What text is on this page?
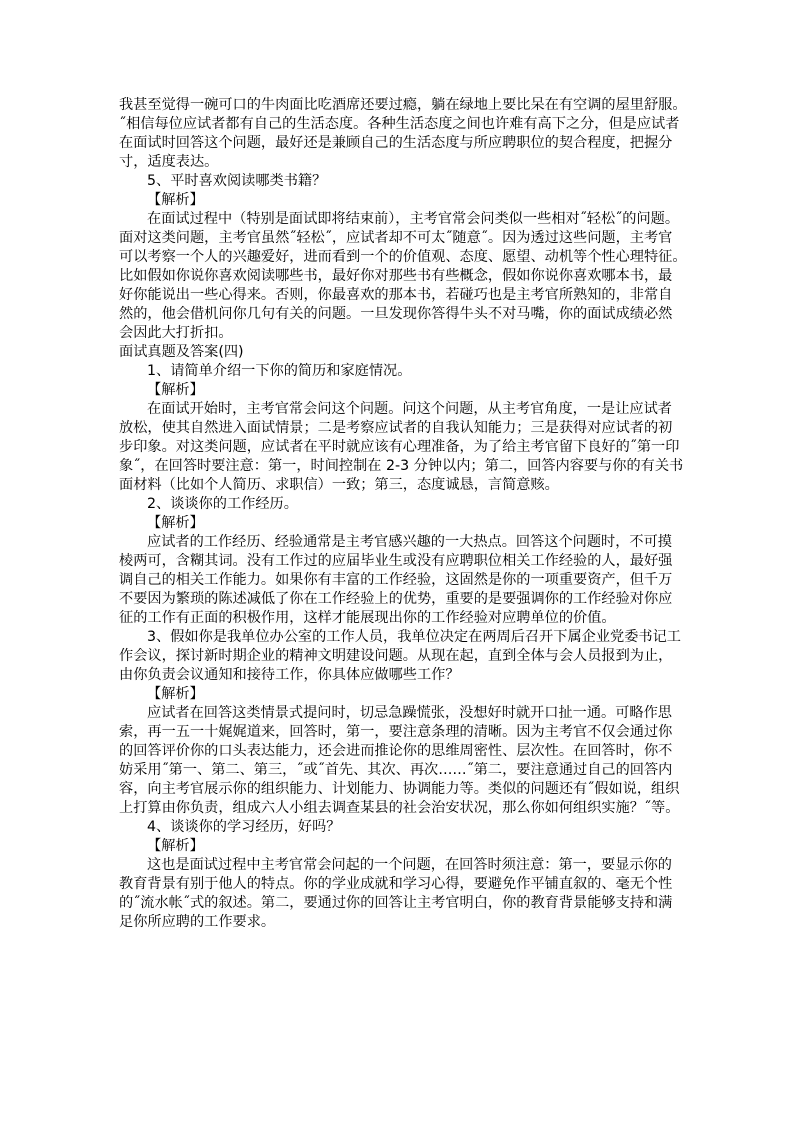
我甚至觉得一碗可口的牛肉面比吃酒席还要过瘾，躺在绿地上要比呆在有空调的屋里舒服。
˝相信每位应试者都有自己的生活态度。各种生活态度之间也许难有高下之分，但是应试者
在面试时回答这个问题，最好还是兼顾自己的生活态度与所应聘职位的契合程度，把握分
寸，适度表达。
5、平时喜欢阅读哪类书籍？
【解析】
在面试过程中（特别是面试即将结束前），主考官常会问类似一些相对˝轻松˝的问题。
面对这类问题，主考官虽然˝轻松˝，应试者却不可太˝随意˝。因为透过这些问题，主考官
可以考察一个人的兴趣爱好，进而看到一个的价值观、态度、愿望、动机等个性心理特征。
比如假如你说你喜欢阅读哪些书，最好你对那些书有些概念，假如你说你喜欢哪本书，最
好你能说出一些心得来。否则，你最喜欢的那本书，若碰巧也是主考官所熟知的，非常自
然的，他会借机问你几句有关的问题。一旦发现你答得牛头不对马嘴，你的面试成绩必然
会因此大打折扣。
面试真题及答案(四)
1、请简单介绍一下你的简历和家庭情况。
【解析】
在面试开始时，主考官常会问这个问题。问这个问题，从主考官角度，一是让应试者
放松，使其自然进入面试情景；二是考察应试者的自我认知能力；三是获得对应试者的初
步印象。对这类问题，应试者在平时就应该有心理准备，为了给主考官留下良好的˝第一印
象˝，在回答时要注意：第一，时间控制在 2-3 分钟以内；第二，回答内容要与你的有关书
面材料（比如个人简历、求职信）一致；第三，态度诚恳，言简意赅。
2、谈谈你的工作经历。
【解析】
应试者的工作经历、经验通常是主考官感兴趣的一大热点。回答这个问题时，不可摸
棱两可，含糊其词。没有工作过的应届毕业生或没有应聘职位相关工作经验的人，最好强
调自己的相关工作能力。如果你有丰富的工作经验，这固然是你的一项重要资产，但千万
不要因为繁琐的陈述减低了你在工作经验上的优势，重要的是要强调你的工作经验对你应
征的工作有正面的积极作用，这样才能展现出你的工作经验对应聘单位的价值。
3、假如你是我单位办公室的工作人员，我单位决定在两周后召开下属企业党委书记工
作会议，探讨新时期企业的精神文明建设问题。从现在起，直到全体与会人员报到为止，
由你负责会议通知和接待工作，你具体应做哪些工作？
【解析】
应试者在回答这类情景式提问时，切忌急躁慌张，没想好时就开口扯一通。可略作思
索，再一五一十娓娓道来，回答时，第一，要注意条理的清晰。因为主考官不仅会通过你
的回答评价你的口头表达能力，还会进而推论你的思维周密性、层次性。在回答时，你不
妨采用˝第一、第二、第三，˝或˝首先、其次、再次……˝第二，要注意通过自己的回答内
容，向主考官展示你的组织能力、计划能力、协调能力等。类似的问题还有˝假如说，组织
上打算由你负责，组成六人小组去调查某县的社会治安状况，那么你如何组织实施？˝等。
4、谈谈你的学习经历，好吗？
【解析】
这也是面试过程中主考官常会问起的一个问题，在回答时须注意：第一，要显示你的
教育背景有别于他人的特点。你的学业成就和学习心得，要避免作平铺直叙的、毫无个性
的˝流水帐˝式的叙述。第二，要通过你的回答让主考官明白，你的教育背景能够支持和满
足你所应聘的工作要求。
